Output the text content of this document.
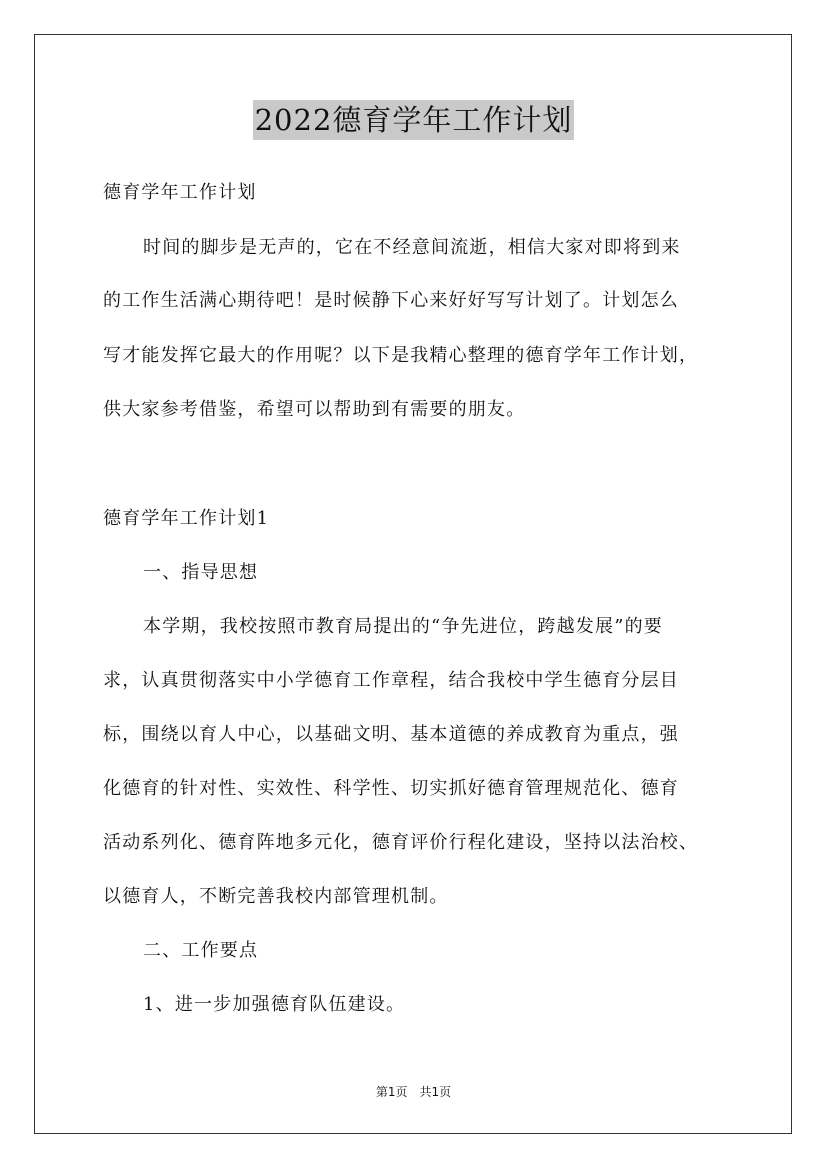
2022德育学年工作计划
德育学年工作计划
时间的脚步是无声的，它在不经意间流逝，相信大家对即将到来
的工作生活满心期待吧！是时候静下心来好好写写计划了。计划怎么
写才能发挥它最大的作用呢？以下是我精心整理的德育学年工作计划，
供大家参考借鉴，希望可以帮助到有需要的朋友。
德育学年工作计划1
一、指导思想
本学期，我校按照市教育局提出的“争先进位，跨越发展”的要
求，认真贯彻落实中小学德育工作章程，结合我校中学生德育分层目
标，围绕以育人中心，以基础文明、基本道德的养成教育为重点，强
化德育的针对性、实效性、科学性、切实抓好德育管理规范化、德育
活动系列化、德育阵地多元化，德育评价行程化建设，坚持以法治校、
以德育人，不断完善我校内部管理机制。
二、工作要点
1、进一步加强德育队伍建设。
第1页　共1页
